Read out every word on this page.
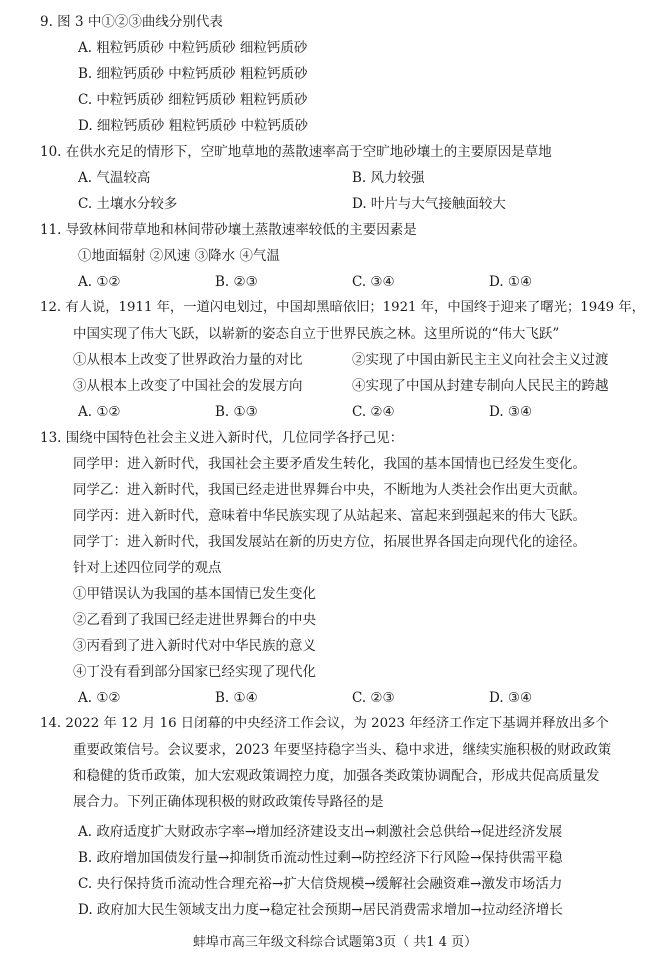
9. 图 3 中①②③曲线分别代表
A. 粗粒钙质砂 中粒钙质砂 细粒钙质砂
B. 细粒钙质砂 中粒钙质砂 粗粒钙质砂
C. 中粒钙质砂 细粒钙质砂 粗粒钙质砂
D. 细粒钙质砂 粗粒钙质砂 中粒钙质砂
10. 在供水充足的情形下，空旷地草地的蒸散速率高于空旷地砂壤土的主要原因是草地
A. 气温较高	B. 风力较强
C. 土壤水分较多	D. 叶片与大气接触面较大
11. 导致林间带草地和林间带砂壤土蒸散速率较低的主要因素是
①地面辐射 ②风速 ③降水 ④气温
A. ①②	B. ②③	C. ③④	D. ①④
12. 有人说，1911 年，一道闪电划过，中国却黑暗依旧；1921 年，中国终于迎来了曙光；1949 年，
中国实现了伟大飞跃，以崭新的姿态自立于世界民族之林。这里所说的“伟大飞跃”
①从根本上改变了世界政治力量的对比	②实现了中国由新民主主义向社会主义过渡
③从根本上改变了中国社会的发展方向	④实现了中国从封建专制向人民民主的跨越
A. ①②	B. ①③	C. ②④	D. ③④
13. 围绕中国特色社会主义进入新时代，几位同学各抒己见：
同学甲：进入新时代，我国社会主要矛盾发生转化，我国的基本国情也已经发生变化。
同学乙：进入新时代，我国已经走进世界舞台中央，不断地为人类社会作出更大贡献。
同学丙：进入新时代，意味着中华民族实现了从站起来、富起来到强起来的伟大飞跃。
同学丁：进入新时代，我国发展站在新的历史方位，拓展世界各国走向现代化的途径。
针对上述四位同学的观点
①甲错误认为我国的基本国情已发生变化
②乙看到了我国已经走进世界舞台的中央
③丙看到了进入新时代对中华民族的意义
④丁没有看到部分国家已经实现了现代化
A. ①②	B. ①④	C. ②③	D. ③④
14. 2022 年 12 月 16 日闭幕的中央经济工作会议，为 2023 年经济工作定下基调并释放出多个
重要政策信号。会议要求，2023 年要坚持稳字当头、稳中求进，继续实施积极的财政政策
和稳健的货币政策，加大宏观政策调控力度，加强各类政策协调配合，形成共促高质量发
展合力。下列正确体现积极的财政政策传导路径的是
A. 政府适度扩大财政赤字率→增加经济建设支出→刺激社会总供给→促进经济发展
B. 政府增加国债发行量→抑制货币流动性过剩→防控经济下行风险→保持供需平稳
C. 央行保持货币流动性合理充裕→扩大信贷规模→缓解社会融资难→激发市场活力
D. 政府加大民生领域支出力度→稳定社会预期→居民消费需求增加→拉动经济增长
蚌埠市高三年级文科综合试题第3页（ 共1 4 页）
